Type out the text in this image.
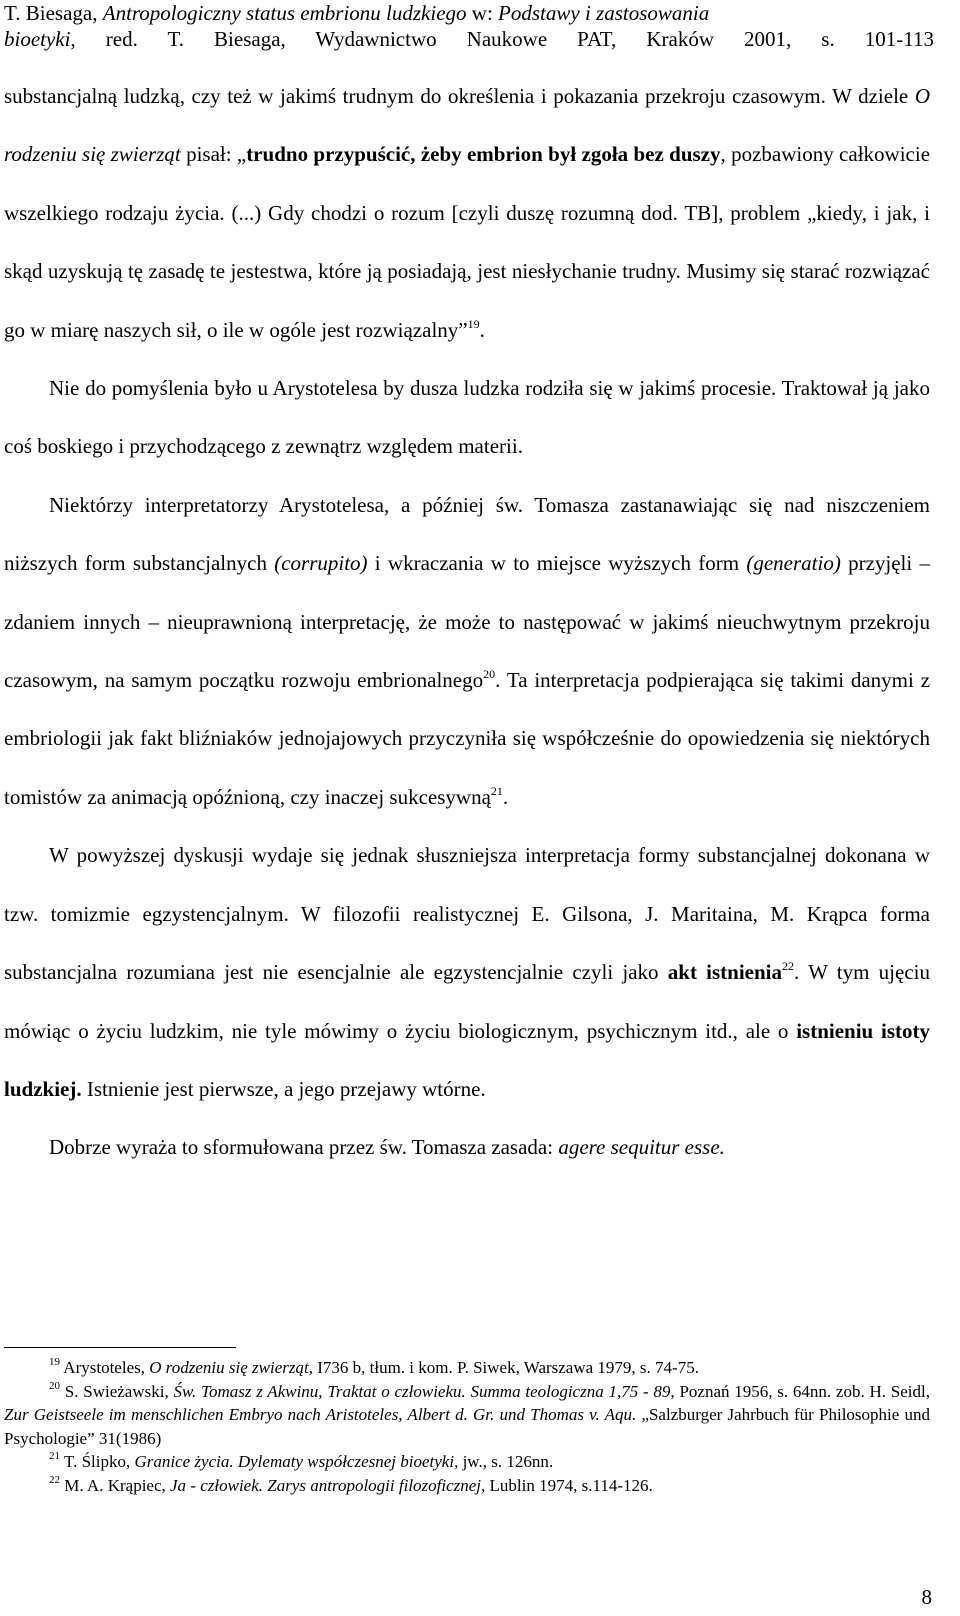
T. Biesaga, Antropologiczny status embrionu ludzkiego w: Podstawy i zastosowania
bioetyki, red. T. Biesaga, Wydawnictwo Naukowe PAT, Kraków 2001, s. 101-113

substancjalną ludzką, czy też w jakimś trudnym do określenia i pokazania przekroju czasowym. W dziele O rodzeniu się zwierząt pisał: „trudno przypuścić, żeby embrion był zgoła bez duszy, pozbawiony całkowicie wszelkiego rodzaju życia. (...) Gdy chodzi o rozum [czyli duszę rozumną dod. TB], problem „kiedy, i jak, i skąd uzyskują tę zasadę te jestestwa, które ją posiadają, jest niesłychanie trudny. Musimy się starać rozwiązać go w miarę naszych sił, o ile w ogóle jest rozwiązalny”$^{19}$.

Nie do pomyślenia było u Arystotelesa by dusza ludzka rodziła się w jakimś procesie. Traktował ją jako coś boskiego i przychodzącego z zewnątrz względem materii.

Niektórzy interpretatorzy Arystotelesa, a później św. Tomasza zastanawiając się nad niszczeniem niższych form substancjalnych (corrupito) i wkraczania w to miejsce wyższych form (generatio) przyjęli – zdaniem innych – nieuprawnioną interpretację, że może to następować w jakimś nieuchwytnym przekroju czasowym, na samym początku rozwoju embrionalnego$^{20}$. Ta interpretacja podpierająca się takimi danymi z embriologii jak fakt bliźniaków jednojajowych przyczyniła się współcześnie do opowiedzenia się niektórych tomistów za animacją opóźnioną, czy inaczej sukcesywną$^{21}$.

W powyższej dyskusji wydaje się jednak słuszniejsza interpretacja formy substancjalnej dokonana w tzw. tomizmie egzystencjalnym. W filozofii realistycznej E. Gilsona, J. Maritaina, M. Krąpca forma substancjalna rozumiana jest nie esencjalnie ale egzystencjalnie czyli jako akt istnienia$^{22}$. W tym ujęciu mówiąc o życiu ludzkim, nie tyle mówimy o życiu biologicznym, psychicznym itd., ale o istnieniu istoty ludzkiej. Istnienie jest pierwsze, a jego przejawy wtórne.

Dobrze wyraża to sformułowana przez św. Tomasza zasada: agere sequitur esse.

$^{19}$ Arystoteles, O rodzeniu się zwierząt, I736 b, tłum. i kom. P. Siwek, Warszawa 1979, s. 74-75.

$^{20}$ S. Swieżawski, Św. Tomasz z Akwinu, Traktat o człowieku. Summa teologiczna 1,75 - 89, Poznań 1956, s. 64nn. zob. H. Seidl, Zur Geistseele im menschlichen Embryo nach Aristoteles, Albert d. Gr. und Thomas v. Aqu. „Salzburger Jahrbuch für Philosophie und Psychologie” 31(1986)

$^{21}$ T. Ślipko, Granice życia. Dylematy współczesnej bioetyki, jw., s. 126nn.

$^{22}$ M. A. Krąpiec, Ja - człowiek. Zarys antropologii filozoficznej, Lublin 1974, s.114-126.

8
